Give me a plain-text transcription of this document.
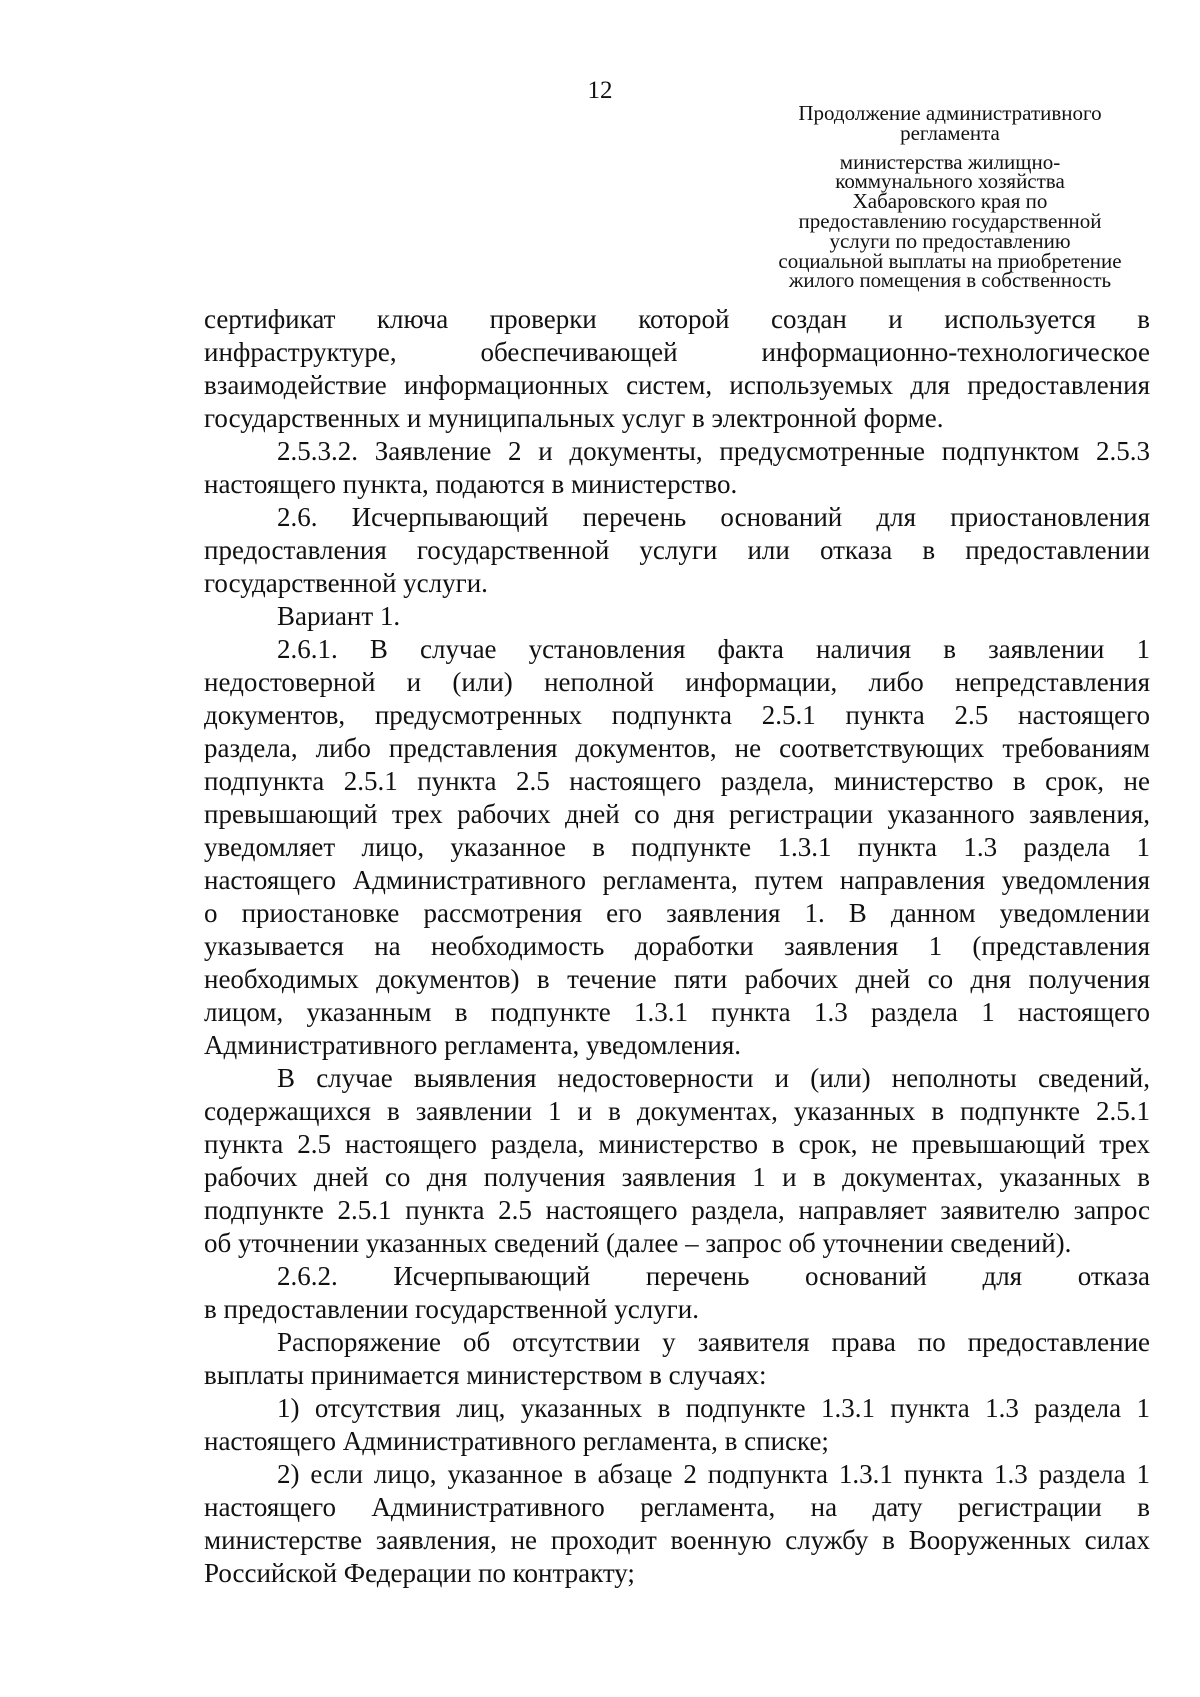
12
Продолжение административного
регламента
министерства жилищно-
коммунального хозяйства
Хабаровского края по
предоставлению государственной
услуги по предоставлению
социальной выплаты на приобретение
жилого помещения в собственность
сертификат ключа проверки которой создан и используется в
инфраструктуре, обеспечивающей информационно-технологическое
взаимодействие информационных систем, используемых для предоставления
государственных и муниципальных услуг в электронной форме.
2.5.3.2. Заявление 2 и документы, предусмотренные подпунктом 2.5.3
настоящего пункта, подаются в министерство.
2.6. Исчерпывающий перечень оснований для приостановления
предоставления государственной услуги или отказа в предоставлении
государственной услуги.
Вариант 1.
2.6.1. В случае установления факта наличия в заявлении 1
недостоверной и (или) неполной информации, либо непредставления
документов, предусмотренных подпункта 2.5.1 пункта 2.5 настоящего
раздела, либо представления документов, не соответствующих требованиям
подпункта 2.5.1 пункта 2.5 настоящего раздела, министерство в срок, не
превышающий трех рабочих дней со дня регистрации указанного заявления,
уведомляет лицо, указанное в подпункте 1.3.1 пункта 1.3 раздела 1
настоящего Административного регламента, путем направления уведомления
о приостановке рассмотрения его заявления 1. В данном уведомлении
указывается на необходимость доработки заявления 1 (представления
необходимых документов) в течение пяти рабочих дней со дня получения
лицом, указанным в подпункте 1.3.1 пункта 1.3 раздела 1 настоящего
Административного регламента, уведомления.
В случае выявления недостоверности и (или) неполноты сведений,
содержащихся в заявлении 1 и в документах, указанных в подпункте 2.5.1
пункта 2.5 настоящего раздела, министерство в срок, не превышающий трех
рабочих дней со дня получения заявления 1 и в документах, указанных в
подпункте 2.5.1 пункта 2.5 настоящего раздела, направляет заявителю запрос
об уточнении указанных сведений (далее – запрос об уточнении сведений).
2.6.2. Исчерпывающий перечень оснований для отказа
в предоставлении государственной услуги.
Распоряжение об отсутствии у заявителя права по предоставление
выплаты принимается министерством в случаях:
1) отсутствия лиц, указанных в подпункте 1.3.1 пункта 1.3 раздела 1
настоящего Административного регламента, в списке;
2) если лицо, указанное в абзаце 2 подпункта 1.3.1 пункта 1.3 раздела 1
настоящего Административного регламента, на дату регистрации в
министерстве заявления, не проходит военную службу в Вооруженных силах
Российской Федерации по контракту;
